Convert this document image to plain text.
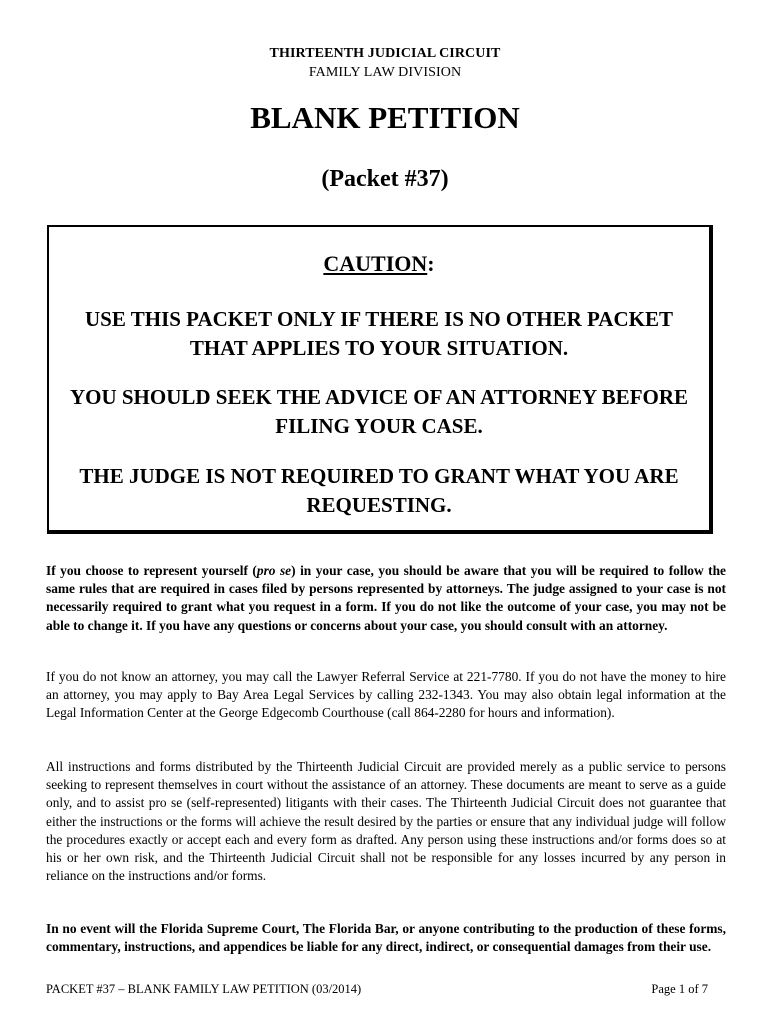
THIRTEENTH JUDICIAL CIRCUIT
FAMILY LAW DIVISION
BLANK PETITION
(Packet #37)
CAUTION:
USE THIS PACKET ONLY IF THERE IS NO OTHER PACKET THAT APPLIES TO YOUR SITUATION.
YOU SHOULD SEEK THE ADVICE OF AN ATTORNEY BEFORE FILING YOUR CASE.
THE JUDGE IS NOT REQUIRED TO GRANT WHAT YOU ARE REQUESTING.
If you choose to represent yourself (pro se) in your case, you should be aware that you will be required to follow the same rules that are required in cases filed by persons represented by attorneys. The judge assigned to your case is not necessarily required to grant what you request in a form. If you do not like the outcome of your case, you may not be able to change it. If you have any questions or concerns about your case, you should consult with an attorney.
If you do not know an attorney, you may call the Lawyer Referral Service at 221-7780. If you do not have the money to hire an attorney, you may apply to Bay Area Legal Services by calling 232-1343. You may also obtain legal information at the Legal Information Center at the George Edgecomb Courthouse (call 864-2280 for hours and information).
All instructions and forms distributed by the Thirteenth Judicial Circuit are provided merely as a public service to persons seeking to represent themselves in court without the assistance of an attorney. These documents are meant to serve as a guide only, and to assist pro se (self-represented) litigants with their cases. The Thirteenth Judicial Circuit does not guarantee that either the instructions or the forms will achieve the result desired by the parties or ensure that any individual judge will follow the procedures exactly or accept each and every form as drafted. Any person using these instructions and/or forms does so at his or her own risk, and the Thirteenth Judicial Circuit shall not be responsible for any losses incurred by any person in reliance on the instructions and/or forms.
In no event will the Florida Supreme Court, The Florida Bar, or anyone contributing to the production of these forms, commentary, instructions, and appendices be liable for any direct, indirect, or consequential damages from their use.
PACKET #37 – BLANK FAMILY LAW PETITION (03/2014)	Page 1 of 7
